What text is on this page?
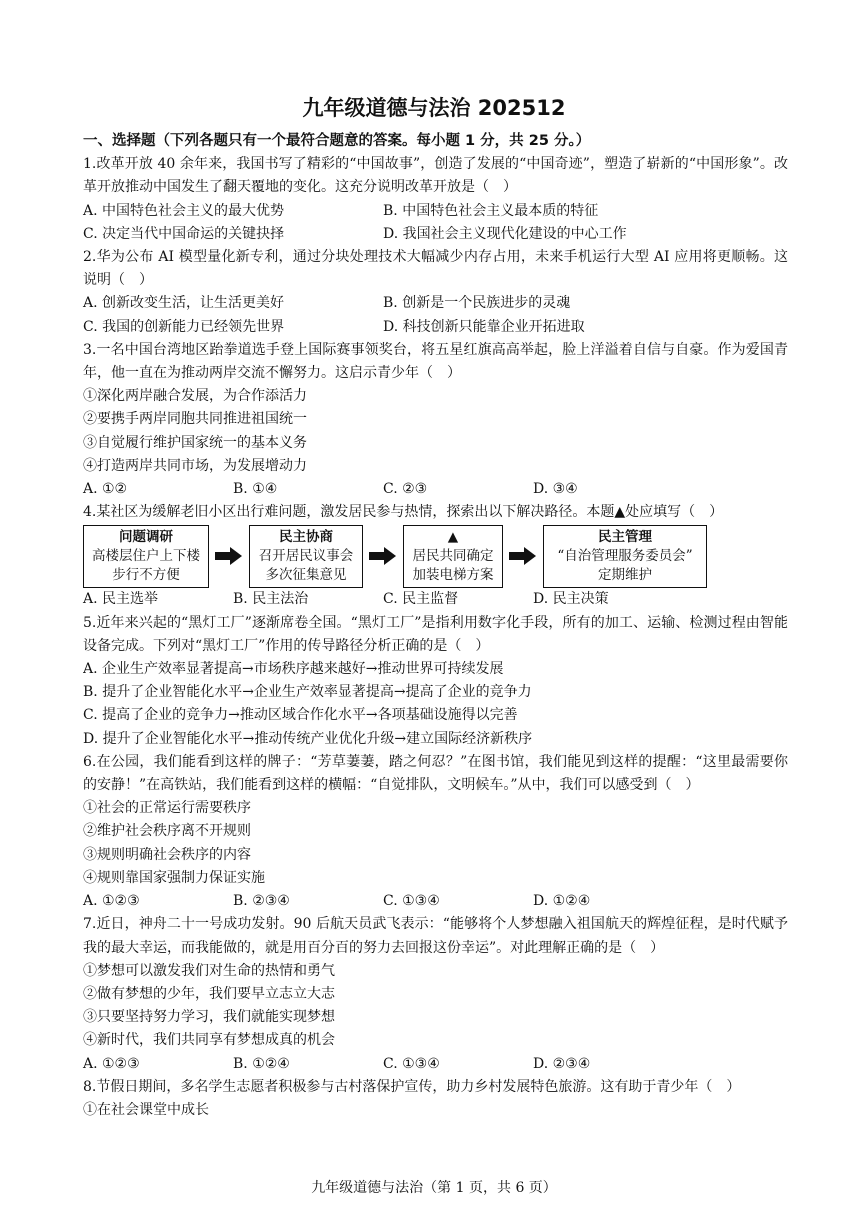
九年级道德与法治 202512
一、选择题（下列各题只有一个最符合题意的答案。每小题 1 分，共 25 分。）
1.改革开放 40 余年来，我国书写了精彩的“中国故事”，创造了发展的“中国奇迹”，塑造了崭新的“中国形象”。改革开放推动中国发生了翻天覆地的变化。这充分说明改革开放是（　）
A. 中国特色社会主义的最大优势	B. 中国特色社会主义最本质的特征
C. 决定当代中国命运的关键抉择	D. 我国社会主义现代化建设的中心工作
2.华为公布 AI 模型量化新专利，通过分块处理技术大幅减少内存占用，未来手机运行大型 AI 应用将更顺畅。这说明（　）
A. 创新改变生活，让生活更美好	B. 创新是一个民族进步的灵魂
C. 我国的创新能力已经领先世界	D. 科技创新只能靠企业开拓进取
3.一名中国台湾地区跆拳道选手登上国际赛事领奖台，将五星红旗高高举起，脸上洋溢着自信与自豪。作为爱国青年，他一直在为推动两岸交流不懈努力。这启示青少年（　）
①深化两岸融合发展，为合作添活力
②要携手两岸同胞共同推进祖国统一
③自觉履行维护国家统一的基本义务
④打造两岸共同市场，为发展增动力
A. ①②	B. ①④	C. ②③	D. ③④
4.某社区为缓解老旧小区出行难问题，激发居民参与热情，探索出以下解决路径。本题▲处应填写（　）
问题调研
高楼层住户上下楼
步行不方便
民主协商
召开居民议事会
多次征集意见
▲
居民共同确定
加装电梯方案
民主管理
“自治管理服务委员会”
定期维护
A. 民主选举	B. 民主法治	C. 民主监督	D. 民主决策
5.近年来兴起的“黑灯工厂”逐渐席卷全国。“黑灯工厂”是指利用数字化手段，所有的加工、运输、检测过程由智能设备完成。下列对“黑灯工厂”作用的传导路径分析正确的是（　）
A. 企业生产效率显著提高→市场秩序越来越好→推动世界可持续发展
B. 提升了企业智能化水平→企业生产效率显著提高→提高了企业的竞争力
C. 提高了企业的竞争力→推动区域合作化水平→各项基础设施得以完善
D. 提升了企业智能化水平→推动传统产业优化升级→建立国际经济新秩序
6.在公园，我们能看到这样的牌子：“芳草萋萋，踏之何忍？”在图书馆，我们能见到这样的提醒：“这里最需要你的安静！”在高铁站，我们能看到这样的横幅：“自觉排队，文明候车。”从中，我们可以感受到（　）
①社会的正常运行需要秩序
②维护社会秩序离不开规则
③规则明确社会秩序的内容
④规则靠国家强制力保证实施
A. ①②③	B. ②③④	C. ①③④	D. ①②④
7.近日，神舟二十一号成功发射。90 后航天员武飞表示：“能够将个人梦想融入祖国航天的辉煌征程，是时代赋予我的最大幸运，而我能做的，就是用百分百的努力去回报这份幸运”。对此理解正确的是（　）
①梦想可以激发我们对生命的热情和勇气
②做有梦想的少年，我们要早立志立大志
③只要坚持努力学习，我们就能实现梦想
④新时代，我们共同享有梦想成真的机会
A. ①②③	B. ①②④	C. ①③④	D. ②③④
8.节假日期间，多名学生志愿者积极参与古村落保护宣传，助力乡村发展特色旅游。这有助于青少年（　）
①在社会课堂中成长
九年级道德与法治（第 1 页，共 6 页）
